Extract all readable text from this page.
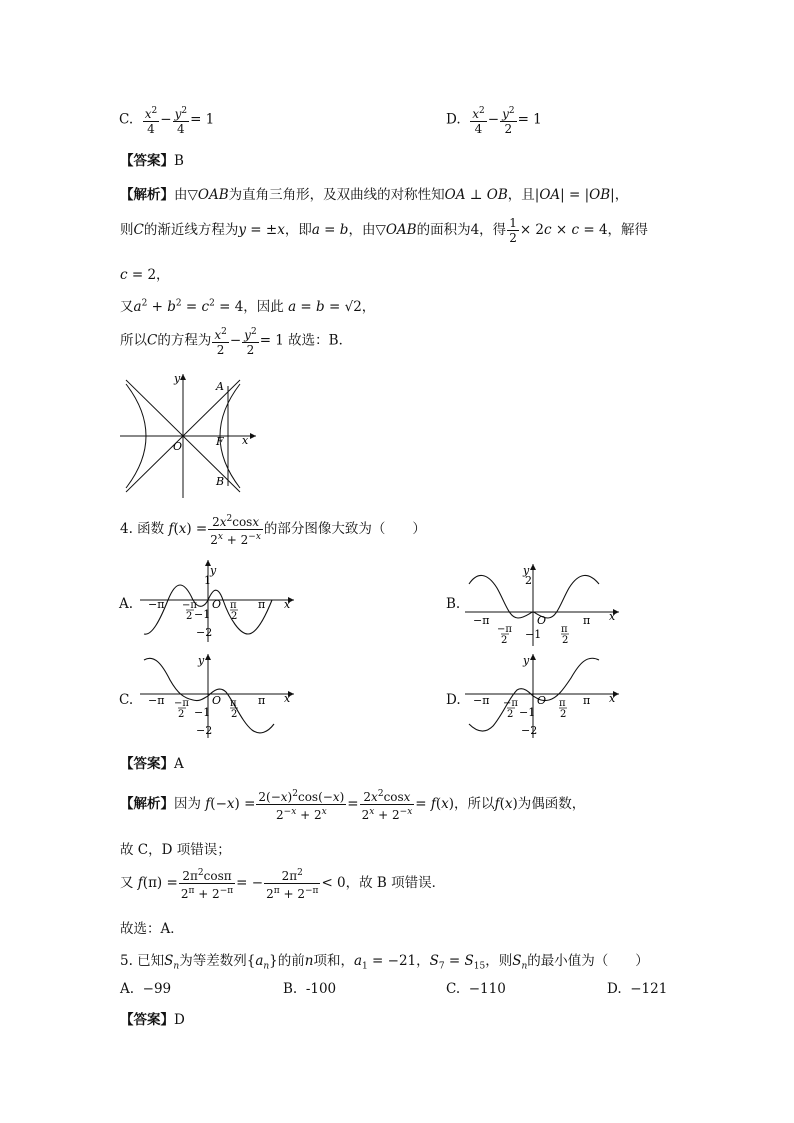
C. $\frac{x^2}{4} - \frac{y^2}{4} = 1$	D. $\frac{x^2}{4} - \frac{y^2}{2} = 1$
【答案】B
【解析】由▽OAB为直角三角形，及双曲线的对称性知OA ⊥ OB，且|OA| = |OB|，
则C的渐近线方程为y = ±x，即a = b，由▽OAB的面积为4，得 $\frac{1}{2} \times 2c \times c = 4$，解得
c = 2，
又$a^2 + b^2 = c^2 = 4$，因此 a = b = √2，
所以C的方程为 $\frac{x^2}{2} - \frac{y^2}{2} = 1$ 故选：B．
y
x
A
B
F
O
4. 函数 $f(x) = \frac{2x^2\cos x}{2^x + 2^{-x}}$ 的部分图像大致为（　　）
A.
y
1
x
−π	π
O
−π
2
π
2
−1
−2
B.
y
2
x
−π	π
O
−π
2
π
2
−1
C.
y
x
−π	π
O
−π
2
π
2
−1
−2
D.
y
x
−π	π
O
−π
2
π
2
−1
−2
【答案】A
【解析】因为 $f(-x) = \frac{2(-x)^2\cos(-x)}{2^{-x} + 2^x} = \frac{2x^2\cos x}{2^x + 2^{-x}} = f(x)$，所以f(x)为偶函数，
故 C，D 项错误；
又 $f(\pi) = \frac{2\pi^2\cos\pi}{2^\pi + 2^{-\pi}}$ = − $\frac{2\pi^2}{2^\pi + 2^{-\pi}} < 0$，故 B 项错误．
故选：A．
5. 已知$S_n$为等差数列$\{a_n\}$的前n项和，$a_1 = -21$，$S_7 = S_{15}$，则$S_n$的最小值为（　　）
A. −99	B. -100	C. −110	D. −121
【答案】D
